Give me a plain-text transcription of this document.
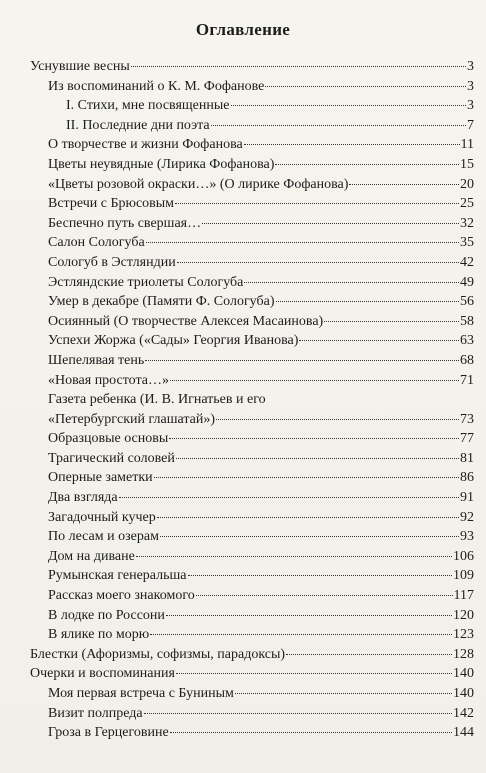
Оглавление
Уснувшие весны	3
Из воспоминаний о К. М. Фофанове	3
I. Стихи, мне посвященные	3
II. Последние дни поэта	7
О творчестве и жизни Фофанова	11
Цветы неувядные (Лирика Фофанова)	15
«Цветы розовой окраски…» (О лирике Фофанова)	20
Встречи с Брюсовым	25
Беспечно путь свершая…	32
Салон Сологуба	35
Сологуб в Эстляндии	42
Эстляндские триолеты Сологуба	49
Умер в декабре (Памяти Ф. Сологуба)	56
Осиянный (О творчестве Алексея Масаинова)	58
Успехи Жоржа («Сады» Георгия Иванова)	63
Шепелявая тень	68
«Новая простота…»	71
Газета ребенка (И. В. Игнатьев и его
«Петербургский глашатай»)	73
Образцовые основы	77
Трагический соловей	81
Оперные заметки	86
Два взгляда	91
Загадочный кучер	92
По лесам и озерам	93
Дом на диване	106
Румынская генеральша	109
Рассказ моего знакомого	117
В лодке по Россони	120
В ялике по морю	123
Блестки (Афоризмы, софизмы, парадоксы)	128
Очерки и воспоминания	140
Моя первая встреча с Буниным	140
Визит полпреда	142
Гроза в Герцеговине	144
